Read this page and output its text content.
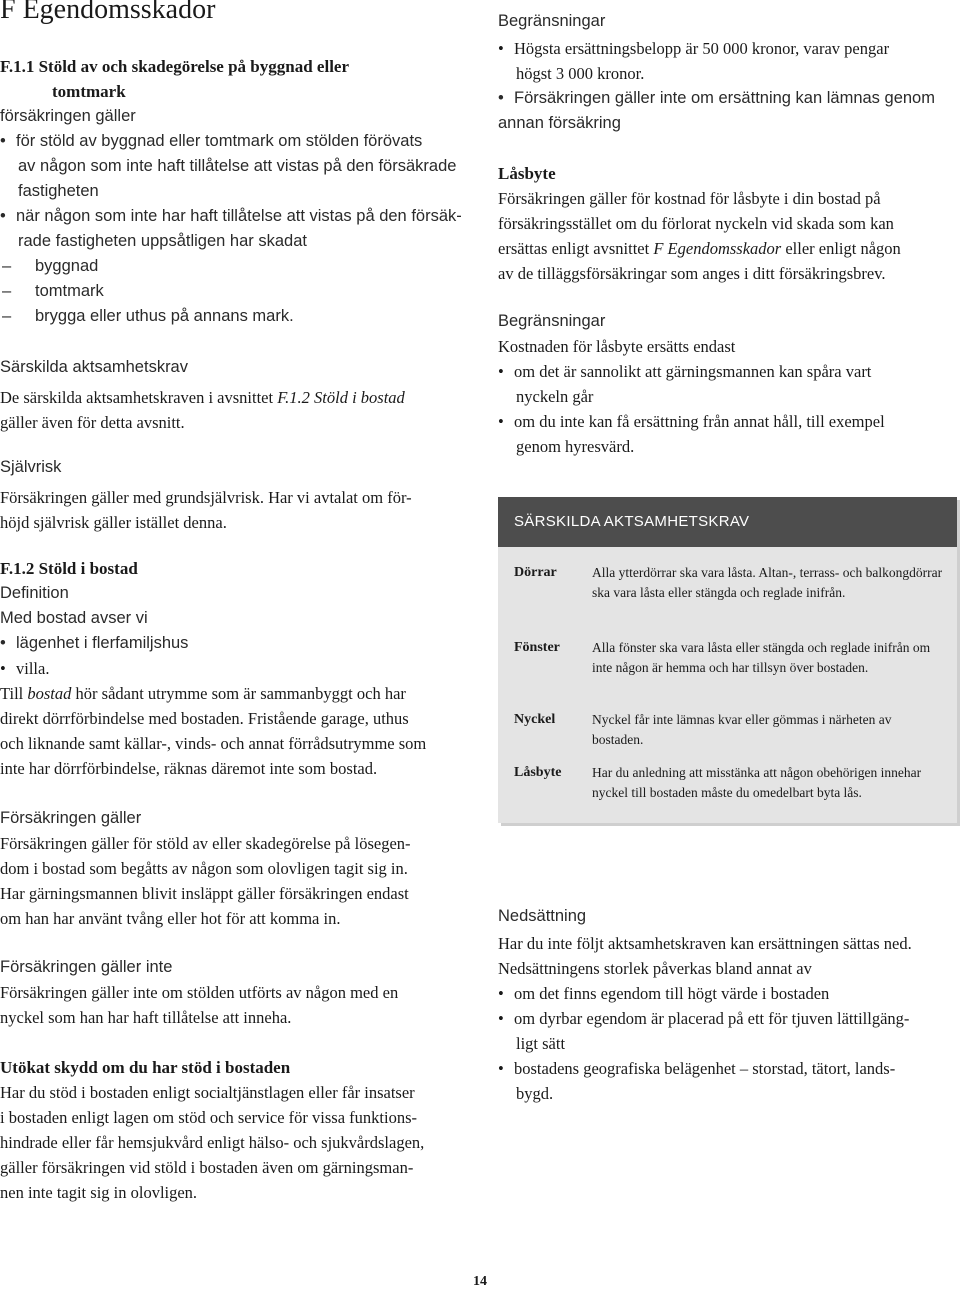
F Egendomsskador
F.1.1 Stöld av och skadegörelse på byggnad eller
tomtmark
försäkringen gäller
• för stöld av byggnad eller tomtmark om stölden förövats
av någon som inte haft tillåtelse att vistas på den försäkrade
fastigheten
• när någon som inte har haft tillåtelse att vistas på den försäk-
rade fastigheten uppsåtligen har skadat
– byggnad
– tomtmark
– brygga eller uthus på annans mark.
Särskilda aktsamhetskrav
De särskilda aktsamhetskraven i avsnittet F.1.2 Stöld i bostad
gäller även för detta avsnitt.
Självrisk
Försäkringen gäller med grundsjälvrisk. Har vi avtalat om för-
höjd självrisk gäller istället denna.
F.1.2 Stöld i bostad
Definition
Med bostad avser vi
• lägenhet i flerfamiljshus
• villa.
Till bostad hör sådant utrymme som är sammanbyggt och har
direkt dörrförbindelse med bostaden. Fristående garage, uthus
och liknande samt källar-, vinds- och annat förrådsutrymme som
inte har dörrförbindelse, räknas däremot inte som bostad.
Försäkringen gäller
Försäkringen gäller för stöld av eller skadegörelse på lösegen-
dom i bostad som begåtts av någon som olovligen tagit sig in.
Har gärningsmannen blivit insläppt gäller försäkringen endast
om han har använt tvång eller hot för att komma in.
Försäkringen gäller inte
Försäkringen gäller inte om stölden utförts av någon med en
nyckel som han har haft tillåtelse att inneha.
Utökat skydd om du har stöd i bostaden
Har du stöd i bostaden enligt socialtjänstlagen eller får insatser
i bostaden enligt lagen om stöd och service för vissa funktions-
hindrade eller får hemsjukvård enligt hälso- och sjukvårdslagen,
gäller försäkringen vid stöld i bostaden även om gärningsman-
nen inte tagit sig in olovligen.
Begränsningar
• Högsta ersättningsbelopp är 50 000 kronor, varav pengar
högst 3 000 kronor.
• Försäkringen gäller inte om ersättning kan lämnas genom
annan försäkring
Låsbyte
Försäkringen gäller för kostnad för låsbyte i din bostad på
försäkringsstället om du förlorat nyckeln vid skada som kan
ersättas enligt avsnittet F Egendomsskador eller enligt någon
av de tilläggsförsäkringar som anges i ditt försäkringsbrev.
Begränsningar
Kostnaden för låsbyte ersätts endast
• om det är sannolikt att gärningsmannen kan spåra vart
nyckeln går
• om du inte kan få ersättning från annat håll, till exempel
genom hyresvärd.
Nedsättning
Har du inte följt aktsamhetskraven kan ersättningen sättas ned.
Nedsättningens storlek påverkas bland annat av
• om det finns egendom till högt värde i bostaden
• om dyrbar egendom är placerad på ett för tjuven lättillgäng-
ligt sätt
• bostadens geografiska belägenhet – storstad, tätort, lands-
bygd.
SÄRSKILDA AKTSAMHETSKRAV
Dörrar	Alla ytterdörrar ska vara låsta. Altan-, terrass- och balkongdörrar ska vara låsta eller stängda och reglade inifrån.
Fönster Alla fönster ska vara låsta eller stängda och reglade inifrån om inte någon är hemma och har tillsyn över bostaden.
Nyckel	Nyckel får inte lämnas kvar eller gömmas i närheten av bostaden.
Låsbyte Har du anledning att misstänka att någon obehörigen innehar nyckel till bostaden måste du omedelbart byta lås.
14
